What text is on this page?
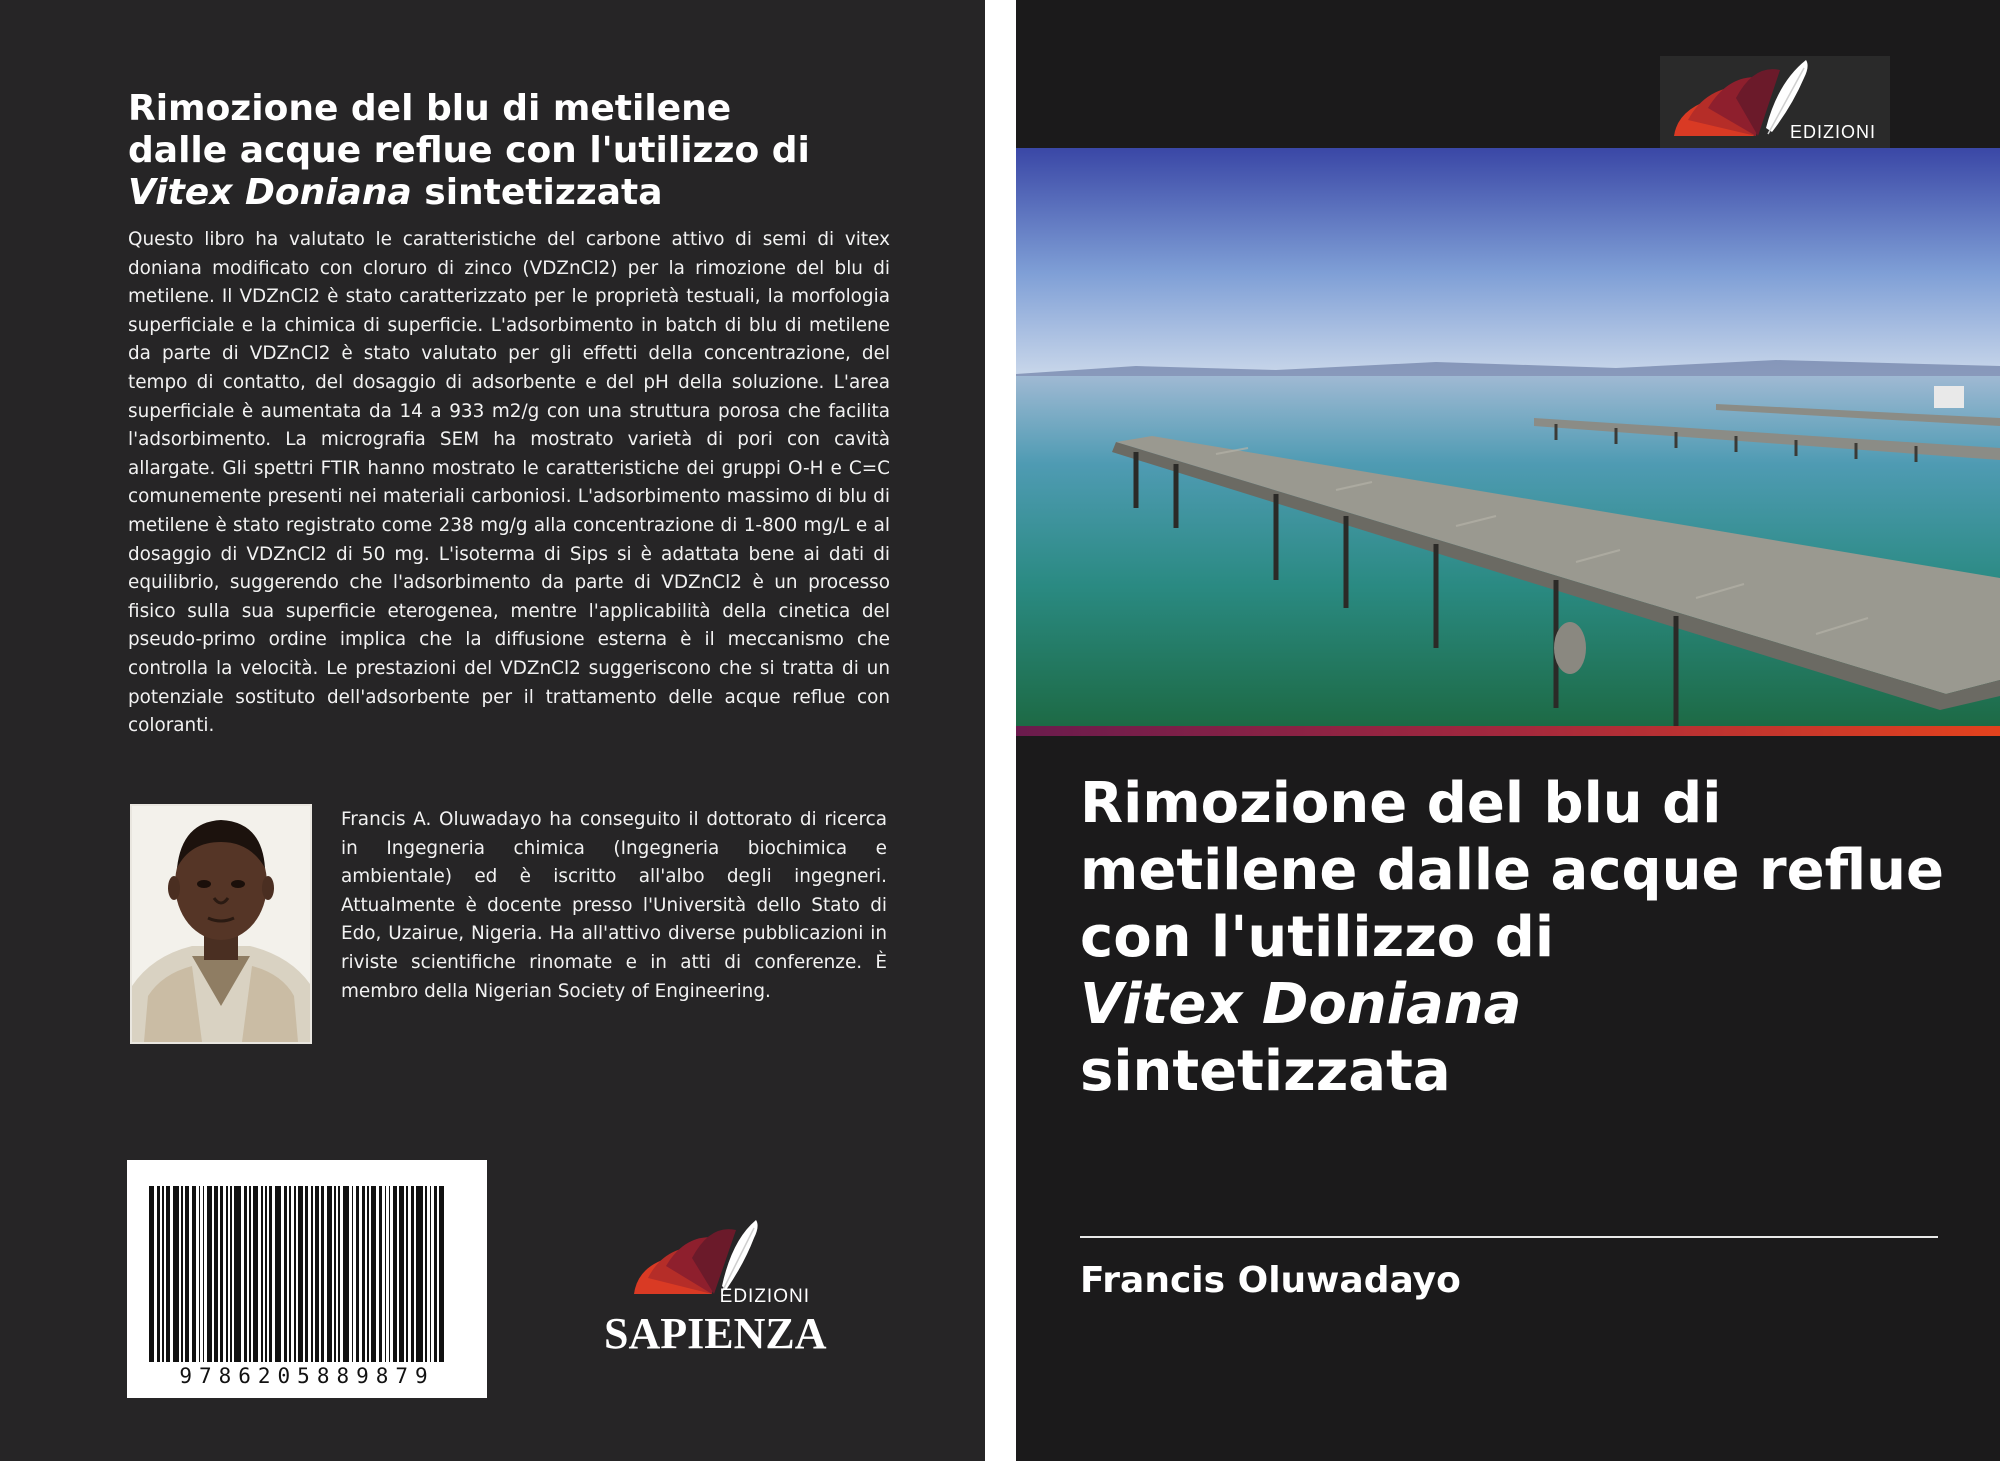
Rimozione del blu di metilene
dalle acque reflue con l'utilizzo di
Vitex Doniana sintetizzata

Questo libro ha valutato le caratteristiche del carbone attivo di semi di vitex doniana modificato con cloruro di zinco (VDZnCl2) per la rimozione del blu di metilene. Il VDZnCl2 è stato caratterizzato per le proprietà testuali, la morfologia superficiale e la chimica di superficie. L'adsorbimento in batch di blu di metilene da parte di VDZnCl2 è stato valutato per gli effetti della concentrazione, del tempo di contatto, del dosaggio di adsorbente e del pH della soluzione. L'area superficiale è aumentata da 14 a 933 m2/g con una struttura porosa che facilita l'adsorbimento. La micrografia SEM ha mostrato varietà di pori con cavità allargate. Gli spettri FTIR hanno mostrato le caratteristiche dei gruppi O-H e C=C comunemente presenti nei materiali carboniosi. L'adsorbimento massimo di blu di metilene è stato registrato come 238 mg/g alla concentrazione di 1-800 mg/L e al dosaggio di VDZnCl2 di 50 mg. L'isoterma di Sips si è adattata bene ai dati di equilibrio, suggerendo che l'adsorbimento da parte di VDZnCl2 è un processo fisico sulla sua superficie eterogenea, mentre l'applicabilità della cinetica del pseudo-primo ordine implica che la diffusione esterna è il meccanismo che controlla la velocità. Le prestazioni del VDZnCl2 suggeriscono che si tratta di un potenziale sostituto dell'adsorbente per il trattamento delle acque reflue con coloranti.

Francis A. Oluwadayo ha conseguito il dottorato di ricerca in Ingegneria chimica (Ingegneria biochimica e ambientale) ed è iscritto all'albo degli ingegneri. Attualmente è docente presso l'Università dello Stato di Edo, Uzairue, Nigeria. Ha all'attivo diverse pubblicazioni in riviste scientifiche rinomate e in atti di conferenze. È membro della Nigerian Society of Engineering.

9786205889879
EDIZIONI
SAPIENZA
EDIZIONI
Rimozione del blu di metilene dalle acque reflue con l'utilizzo di
Vitex Doniana
sintetizzata
Francis Oluwadayo
